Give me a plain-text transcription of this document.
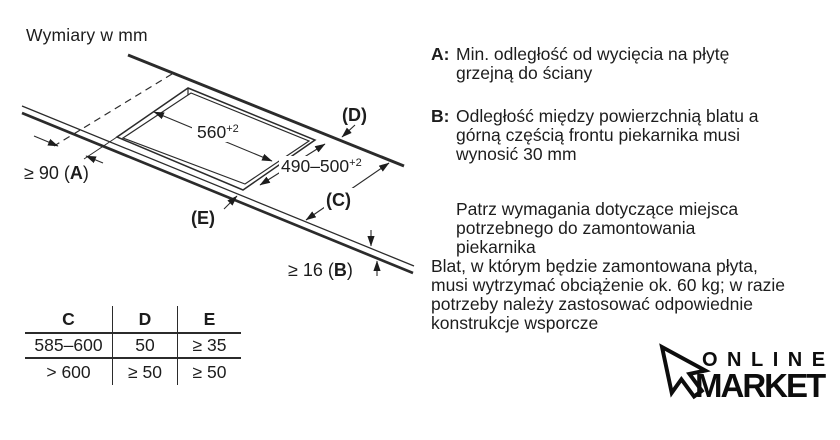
Wymiary w mm
$560^{+2}$
$490-500^{+2}$
(C)
(D)
(E)
≥ 90 (A)
≥ 16 (B)
C	D	E
585–600	50	≥ 35
> 600	≥ 50	≥ 50
A: Min. odległość od wycięcia na płytę
grzejną do ściany
B: Odległość między powierzchnią blatu a
górną częścią frontu piekarnika musi
wynosić 30 mm
Patrz wymagania dotyczące miejsca
potrzebnego do zamontowania
piekarnika
Blat, w którym będzie zamontowana płyta,
musi wytrzymać obciążenie ok. 60 kg; w razie
potrzeby należy zastosować odpowiednie
konstrukcje wsporcze
ONLINE
MARKET
